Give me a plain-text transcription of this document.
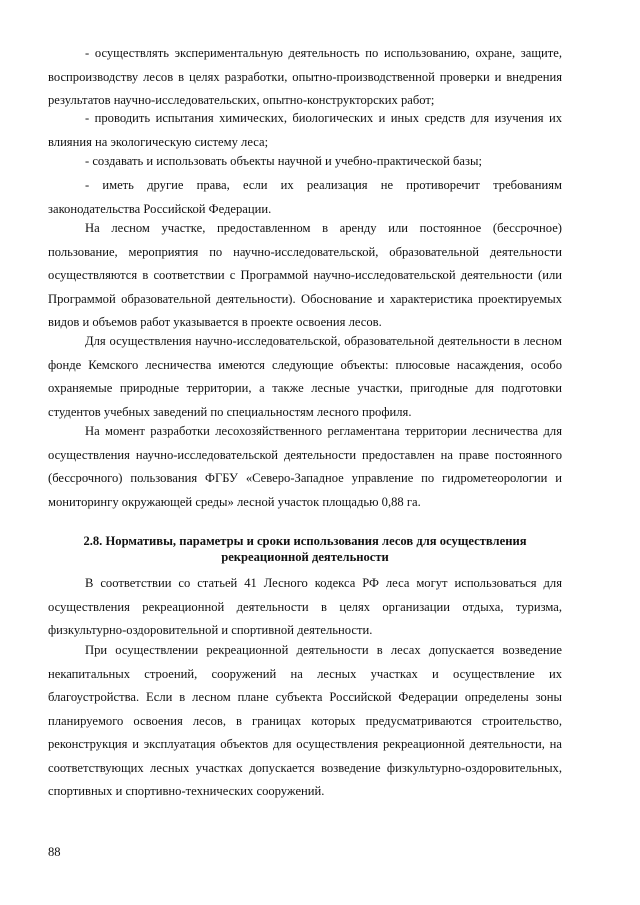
- осуществлять экспериментальную деятельность по использованию, охране, защите, воспроизводству лесов в целях разработки, опытно-производственной проверки и внедрения результатов научно-исследовательских, опытно-конструкторских работ;

- проводить испытания химических, биологических и иных средств для изучения их влияния на экологическую систему леса;

- создавать и использовать объекты научной и учебно-практической базы;

- иметь другие права, если их реализация не противоречит требованиям законодательства Российской Федерации.

На лесном участке, предоставленном в аренду или постоянное (бессрочное) пользование, мероприятия по научно-исследовательской, образовательной деятельности осуществляются в соответствии с Программой научно-исследовательской деятельности (или Программой образовательной деятельности). Обоснование и характеристика проектируемых видов и объемов работ указывается в проекте освоения лесов.

Для осуществления научно-исследовательской, образовательной деятельности в лесном фонде Кемского лесничества имеются следующие объекты: плюсовые насаждения, особо охраняемые природные территории, а также лесные участки, пригодные для подготовки студентов учебных заведений по специальностям лесного профиля.

На момент разработки лесохозяйственного регламентана территории лесничества для осуществления научно-исследовательской деятельности предоставлен на праве постоянного (бессрочного) пользования ФГБУ «Северо-Западное управление по гидрометеорологии и мониторингу окружающей среды» лесной участок площадью 0,88 га.

2.8. Нормативы, параметры и сроки использования лесов для осуществления
рекреационной деятельности

В соответствии со статьей 41 Лесного кодекса РФ леса могут использоваться для осуществления рекреационной деятельности в целях организации отдыха, туризма, физкультурно-оздоровительной и спортивной деятельности.

При осуществлении рекреационной деятельности в лесах допускается возведение некапитальных строений, сооружений на лесных участках и осуществление их благоустройства. Если в лесном плане субъекта Российской Федерации определены зоны планируемого освоения лесов, в границах которых предусматриваются строительство, реконструкция и эксплуатация объектов для осуществления рекреационной деятельности, на соответствующих лесных участках допускается возведение физкультурно-оздоровительных, спортивных и спортивно-технических сооружений.

88
